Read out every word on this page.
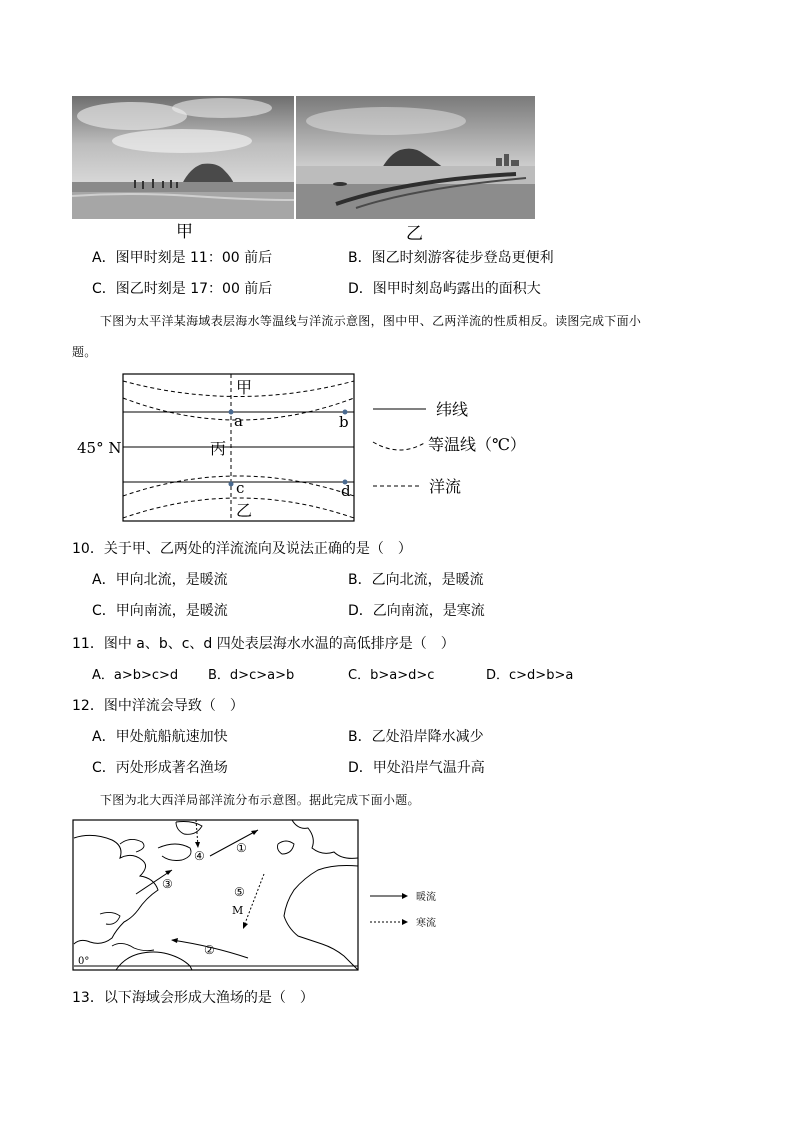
甲	乙
A．图甲时刻是 11：00 前后	B．图乙时刻游客徒步登岛更便利
C．图乙时刻是 17：00 前后	D．图甲时刻岛屿露出的面积大
下图为太平洋某海域表层海水等温线与洋流示意图，图中甲、乙两洋流的性质相反。读图完成下面小
题。
甲
a	b
丙
c	d
乙
45° N
纬线
等温线（℃）
洋流
10．关于甲、乙两处的洋流流向及说法正确的是（　）
A．甲向北流，是暖流	B．乙向北流，是暖流
C．甲向南流，是暖流	D．乙向南流，是寒流
11．图中 a、b、c、d 四处表层海水水温的高低排序是（　）
A．a>b>c>d B．d>c>a>b	C．b>a>d>c	D．c>d>b>a
12．图中洋流会导致（　）
A．甲处航船航速加快	B．乙处沿岸降水减少
C．丙处形成著名渔场	D．甲处沿岸气温升高
下图为北大西洋局部洋流分布示意图。据此完成下面小题。
0°
③
①
④
⑤
M
②
暖流
寒流
13．以下海域会形成大渔场的是（　）
